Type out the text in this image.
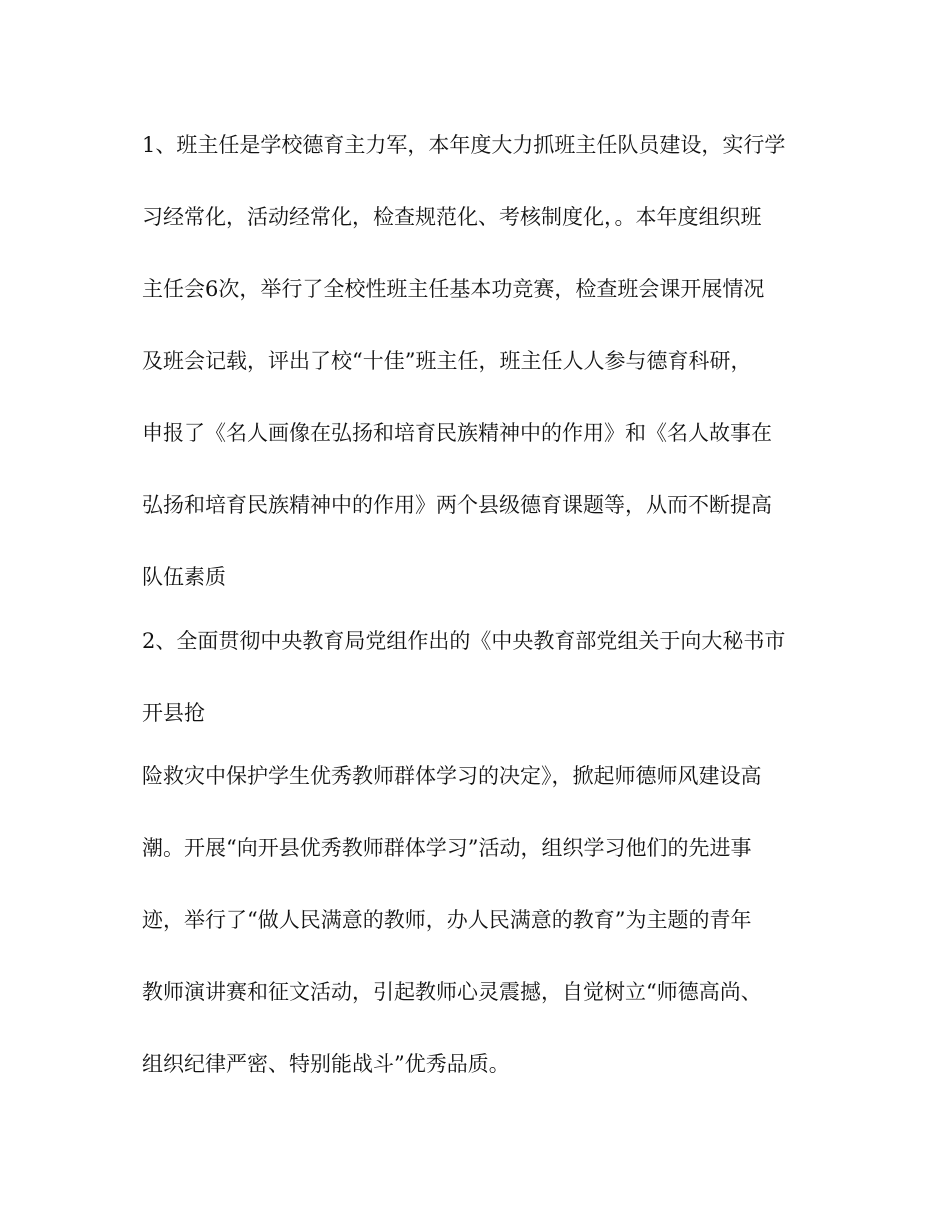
1、班主任是学校德育主力军，本年度大力抓班主任队员建设，实行学
习经常化，活动经常化，检查规范化、考核制度化，。本年度组织班
主任会6次，举行了全校性班主任基本功竞赛，检查班会课开展情况
及班会记载，评出了校“十佳”班主任，班主任人人参与德育科研，
申报了《名人画像在弘扬和培育民族精神中的作用》和《名人故事在
弘扬和培育民族精神中的作用》两个县级德育课题等，从而不断提高
队伍素质
2、全面贯彻中央教育局党组作出的《中央教育部党组关于向大秘书市
开县抢
险救灾中保护学生优秀教师群体学习的决定》，掀起师德师风建设高
潮。开展“向开县优秀教师群体学习”活动，组织学习他们的先进事
迹，举行了“做人民满意的教师，办人民满意的教育”为主题的青年
教师演讲赛和征文活动，引起教师心灵震撼，自觉树立“师德高尚、
组织纪律严密、特别能战斗”优秀品质。
